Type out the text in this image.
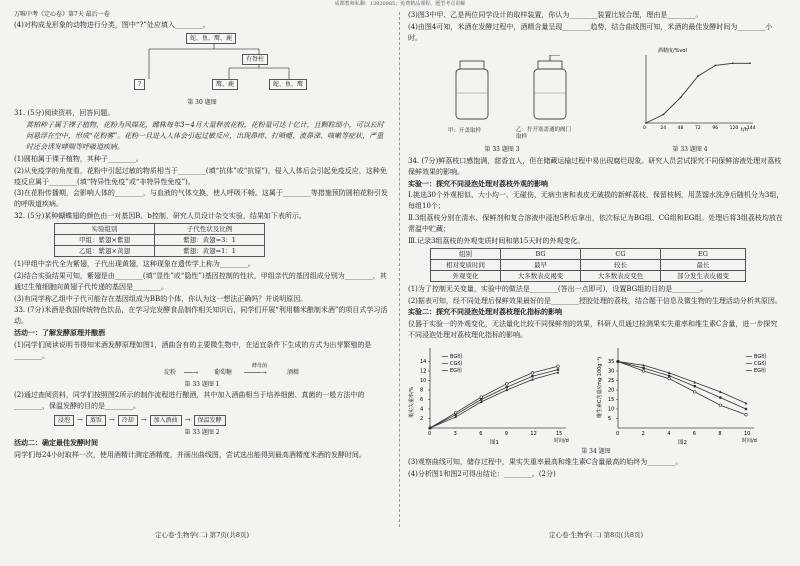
成都教师私聊：13920985；免费精品课程、题型考点讲解
万唯中考《定心卷》第7天 最后一卷
(4)对构成龙形象的动物进行分类，图中“?”处应填入________。
蛇、鱼、鹰、鹿
有脊柱
?	鹰、鹿	蛇、鱼、鹰
第 30 题图
31. (5分)阅读资料，回答问题。
蒿柏种子属于裸子植物，花粉为风媒花，雌株每年3~4月大量释放花粉，花粉量可达十亿计，且颗粒细小，可以长时间悬浮在空中，形成“花粉雾”。花粉一旦进入人体会引起过敏反应，出现鼻痒、打喷嚏、流鼻涕、咳嗽等症状，严重时还会诱发哮喘等呼吸道疾病。
(1)圆柏属于裸子植物，其种子________。
(2)从免疫学的角度看，花粉中引起过敏的物质相当于________(填“抗体”或“抗原”)，侵入人体后会引起免疫反应，这种免疫反应属于________(填“特异性免疫”或“非特异性免疫”)。
(3)在花粉传播期，会影响人体的________，与血液的气体交换，使人呼吸不畅。这属于________等措施预防圆柏花粉引发的呼吸道疾病。
32. (5分)某种蝴蝶翅的颜色由一对基因B、b控制，研究人员设计杂交实验，结果如下表所示。
实验组别	子代性状及比例
甲组：紫翅×紫翅	紫翅：黄翅=3：1
乙组：紫翅×黄翅	紫翅：黄翅=1：1
(1)甲组中亲代全为紫翅，子代出现黄翅，这种现象在遗传学上称为________。
(2)结合实验结果可知，紫翅是由________(填“显性”或“隐性”)基因控制的性状，甲组亲代的基因组成分别为________，其通过生殖细胞向黄翅子代传递的基因是________。
(3)有同学称乙组中子代可能存在基因组成为BB的个体，你认为这一想法正确吗？并说明原因。
33. (7分)米酒是我国传统特色饮品，在学习完发酵食品制作相关知识后，同学们开展“利用糯米酿制米酒”的项目式学习活动。
活动一：了解发酵原理并酿酒
(1)同学们阅读说明书得知米酒发酵原理如图1，酒曲含有的主要微生物中，在适宜条件下生成的方式为出芽繁殖的是________。
淀粉 ──→	葡萄糖
酵母菌
────→	酒精
第 33 题图 1
(2)通过查阅资料，同学们按照图2所示的制作流程进行酿酒，其中加入酒曲相当于培养细菌、真菌的一般方法中的________，保温发酵的目的是________。
浸泡	→	蒸饭	→	冷却	→	加入酒曲	→	保温发酵
第 33 题图 2
活动二：确定最佳发酵时间
同学们每24小时取样一次，使用酒精计测定酒精度，并画出曲线图，尝试选出能得到最高酒精度米酒的发酵时间。
定心卷·生物学(二) 第7页(共8页)
(3)图3中甲、乙是两位同学设计的取样装置，你认为________装置比较合理，理由是________。
(4)由图4可知，米酒在发酵过程中，酒精含量呈现________趋势，结合曲线图可知，米酒的最佳发酵时间为________小时。
甲：开盖取样	乙：拧开塞盖通的阀门取样
酒精度/%vol
t/h
0	24	48	72	96	120 144
第 33 题图 3	第 33 题图 4
34. (7分)鲜荔枝口感饱满，甜香宜人，但在储藏运输过程中易出现腐烂现象。研究人员尝试探究不同保鲜溶液处理对荔枝保鲜效果的影响。
实验一：探究不同浸泡处理对荔枝外观的影响
Ⅰ.挑选30个外观相似、大小均一、无碰伤、无病虫害和表皮无破损的新鲜荔枝，保留枝柄，用蒸馏水洗净后随机分为3组，每组10个；
Ⅱ.3组荔枝分别在清水、保鲜剂和复合溶液中浸泡5秒后拿出，依次标记为BG组、CG组和EG组。处理后将3组荔枝均放在常温中贮藏；
Ⅲ.记录3组荔枝的外观变质时间和第15天时的外观变化。
组别	BG	CG	EG
相对变质时间	最早	较长	最长
外观变化	大多数表皮褐变	大多数表皮变色	部分发生表皮褐变
(1)为了控制无关变量，实验中的做法是________(答出一点即可)，设置BG组的目的是________。
(2)据表可知，经不同处理后保鲜效果最好的是________授胶处理的荔枝，结合题干信息及微生物的生理活动分析其原因。
实验二：探究不同浸泡处理对荔枝理化指标的影响
仪器于实验一的外观变化，无法量化比较不同保鲜剂的效果，科研人员通过检测果实失重率和维生素C含量，进一步探究不同浸泡处理对荔枝理化指标的影响。
2
4
6
8
10
12
14
0	3	6	9	12	15
时间/d
果实失重率/%
图1
BG组
CG组
EG组
5
10
15
20
25
30
35
0	2	4	6	8	10
时间/d
维生素C含量/(mg·100g⁻¹)
图2
BG组
CG组
EG组
第 34 题图
(3)观察曲线可知，储存过程中，果实失重率最高和维生素C含量最高的始终为________。
(4)分析图1和图2可得出结论：________。(2分)
定心卷·生物学(二) 第8页(共8页)
